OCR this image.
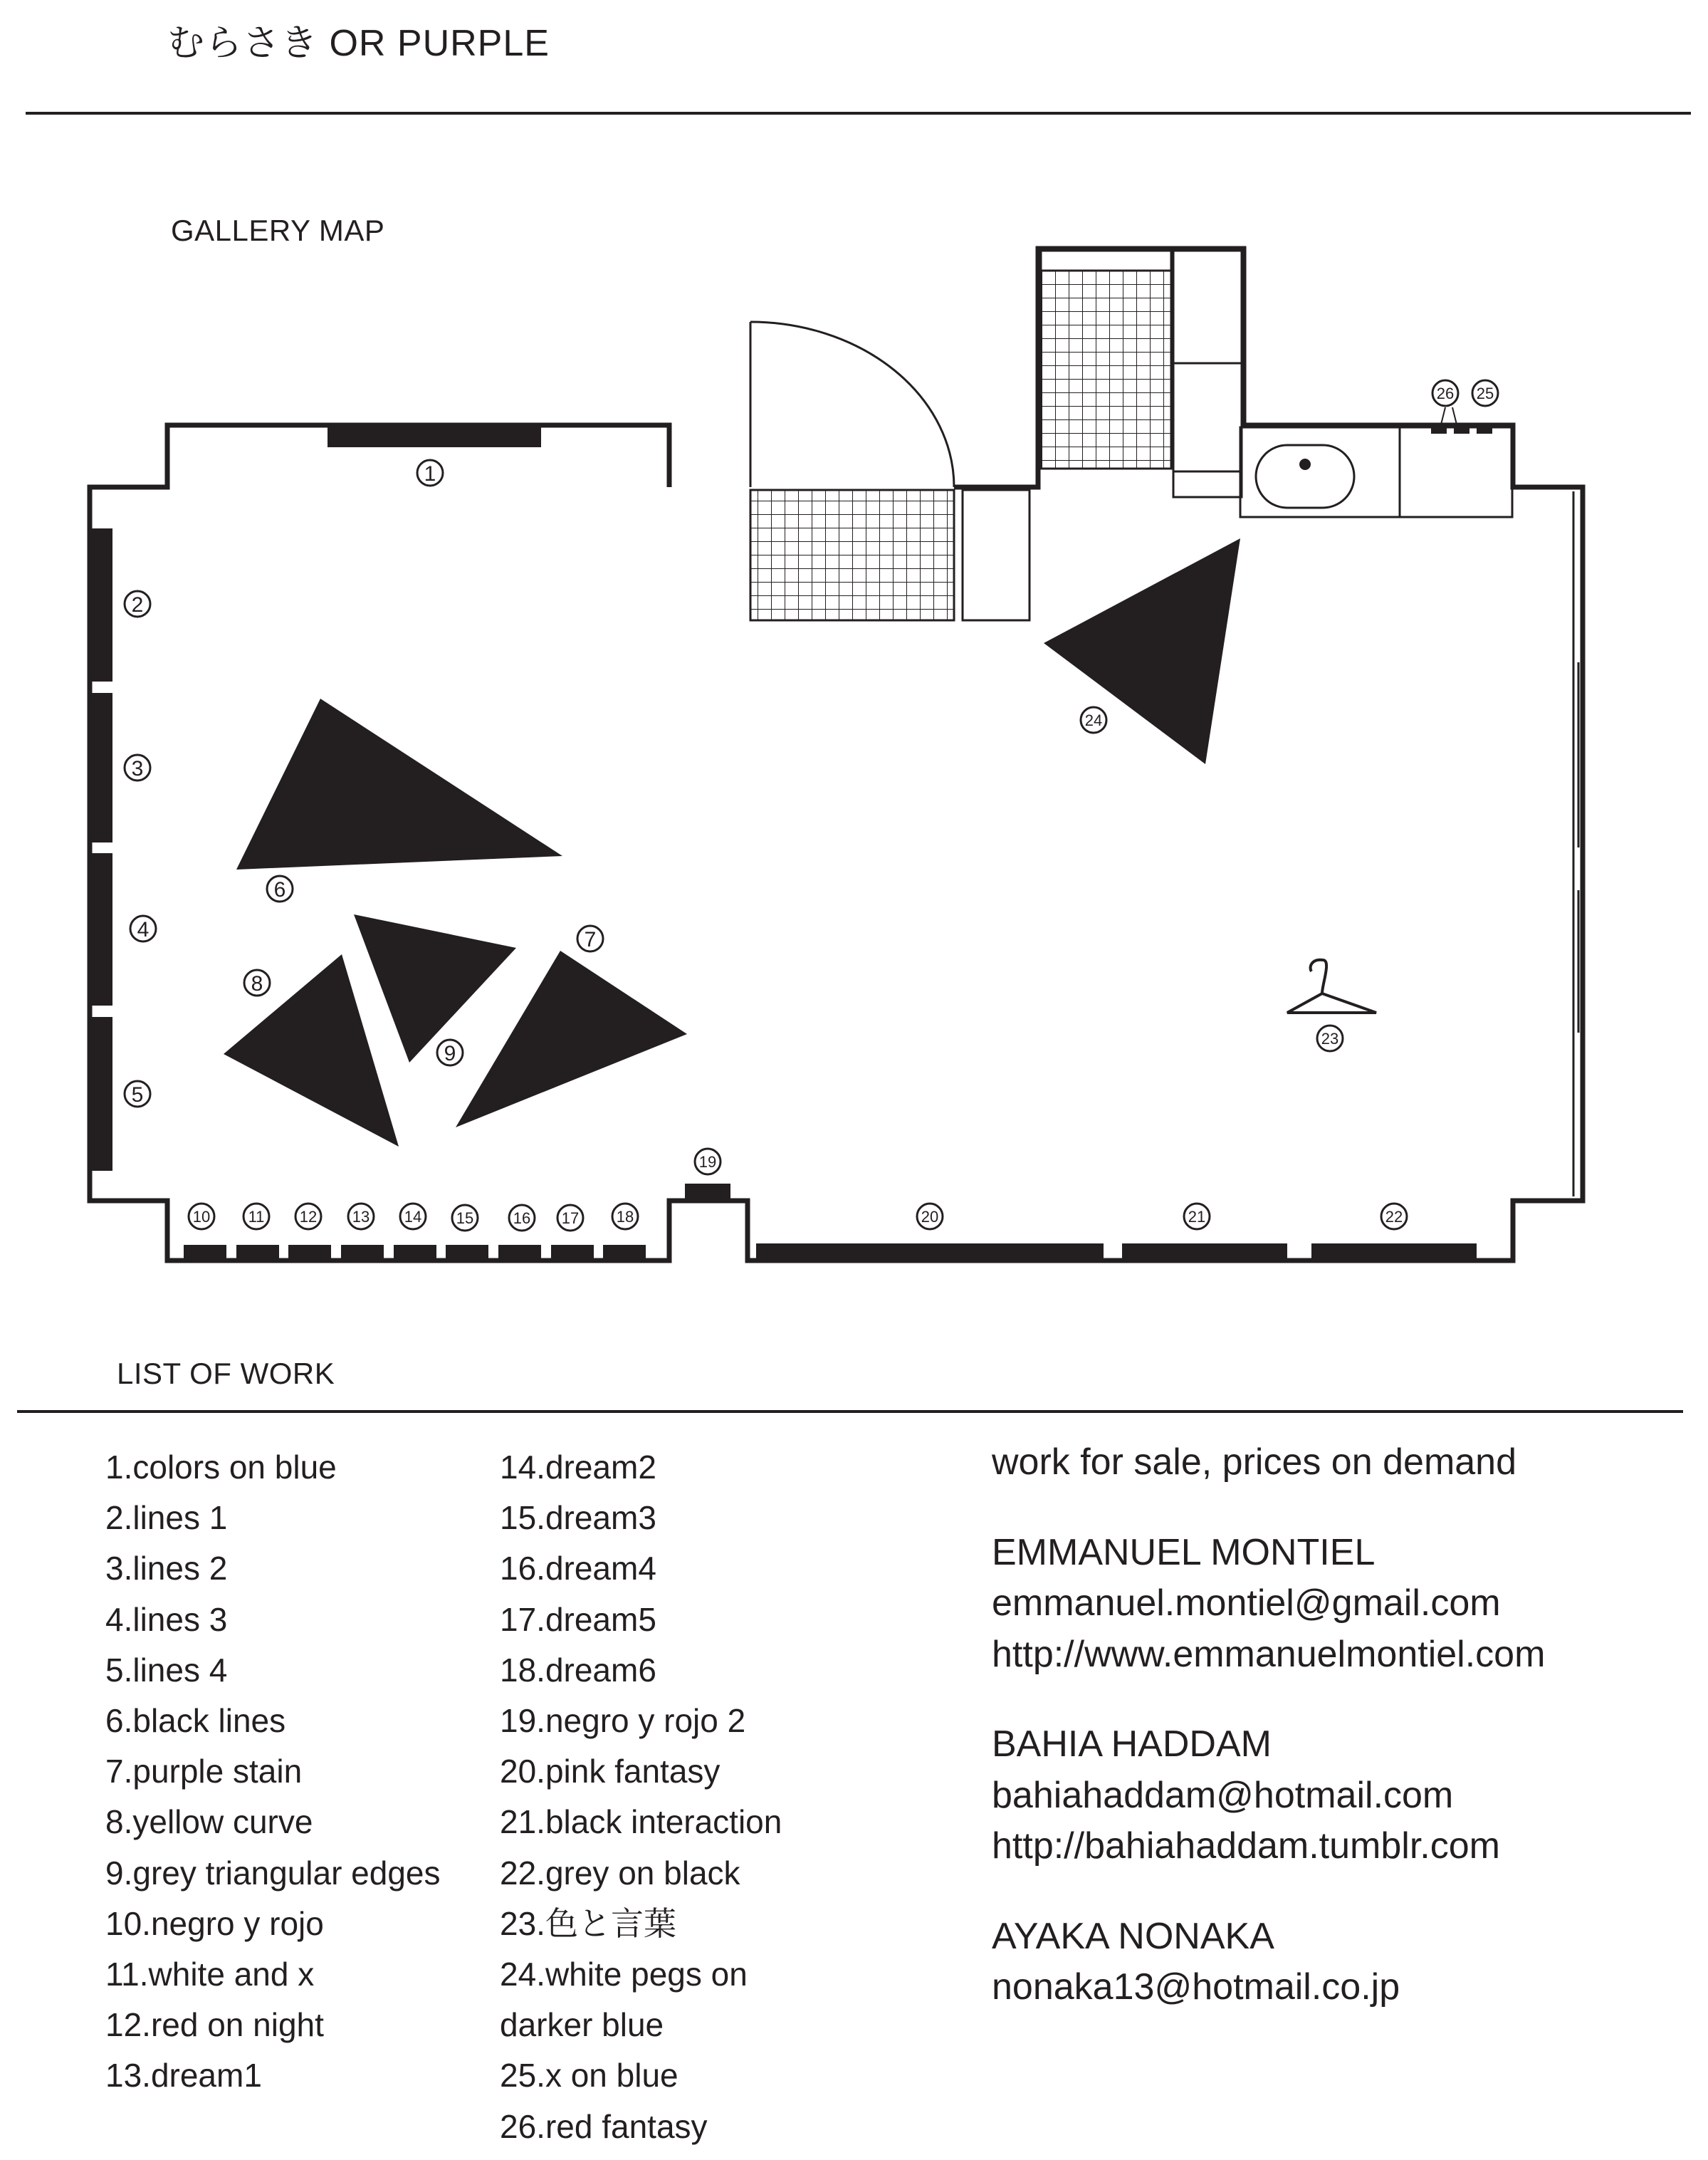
むらさき OR PURPLE
GALLERY MAP
1
2
3
4
5
6
7
8
9
10 11 12 13 14 15	16 17 18
19
20	21	22
23
24
25
26
LIST OF WORK
1.colors on blue
2.lines 1
3.lines 2
4.lines 3
5.lines 4
6.black lines
7.purple stain
8.yellow curve
9.grey triangular edges
10.negro y rojo
11.white and x
12.red on night
13.dream1
14.dream2
15.dream3
16.dream4
17.dream5
18.dream6
19.negro y rojo 2
20.pink fantasy
21.black interaction
22.grey on black
23.色と言葉
24.white pegs on
darker blue
25.x on blue
26.red fantasy
work for sale, prices on demand
EMMANUEL MONTIEL
emmanuel.montiel@gmail.com
http://www.emmanuelmontiel.com
BAHIA HADDAM
bahiahaddam@hotmail.com
http://bahiahaddam.tumblr.com
AYAKA NONAKA
nonaka13@hotmail.co.jp
